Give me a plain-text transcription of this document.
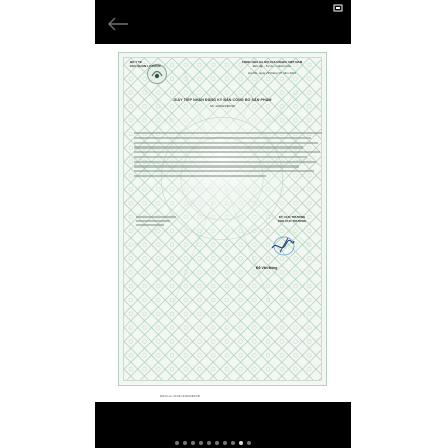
BỘ Y TẾ
CỤC QUẢN LÝ DƯỢC
CỘNG HÒA XÃ HỘI CHỦ NGHĨA VIỆT NAM
Độc lập - Tự do - Hạnh phúc
Hà Nội, ngày 29 tháng 07 năm 2021
GIẤY TIẾP NHẬN ĐĂNG KÝ BẢN CÔNG BỐ SẢN PHẨM
Số: 14/2021/ĐKSP
KT. CỤC TRƯỞNG
PHÓ CỤC TRƯỞNG
Đỗ Văn Đông
Mã hồ sơ: 20.08.14/2021/ĐKCB
